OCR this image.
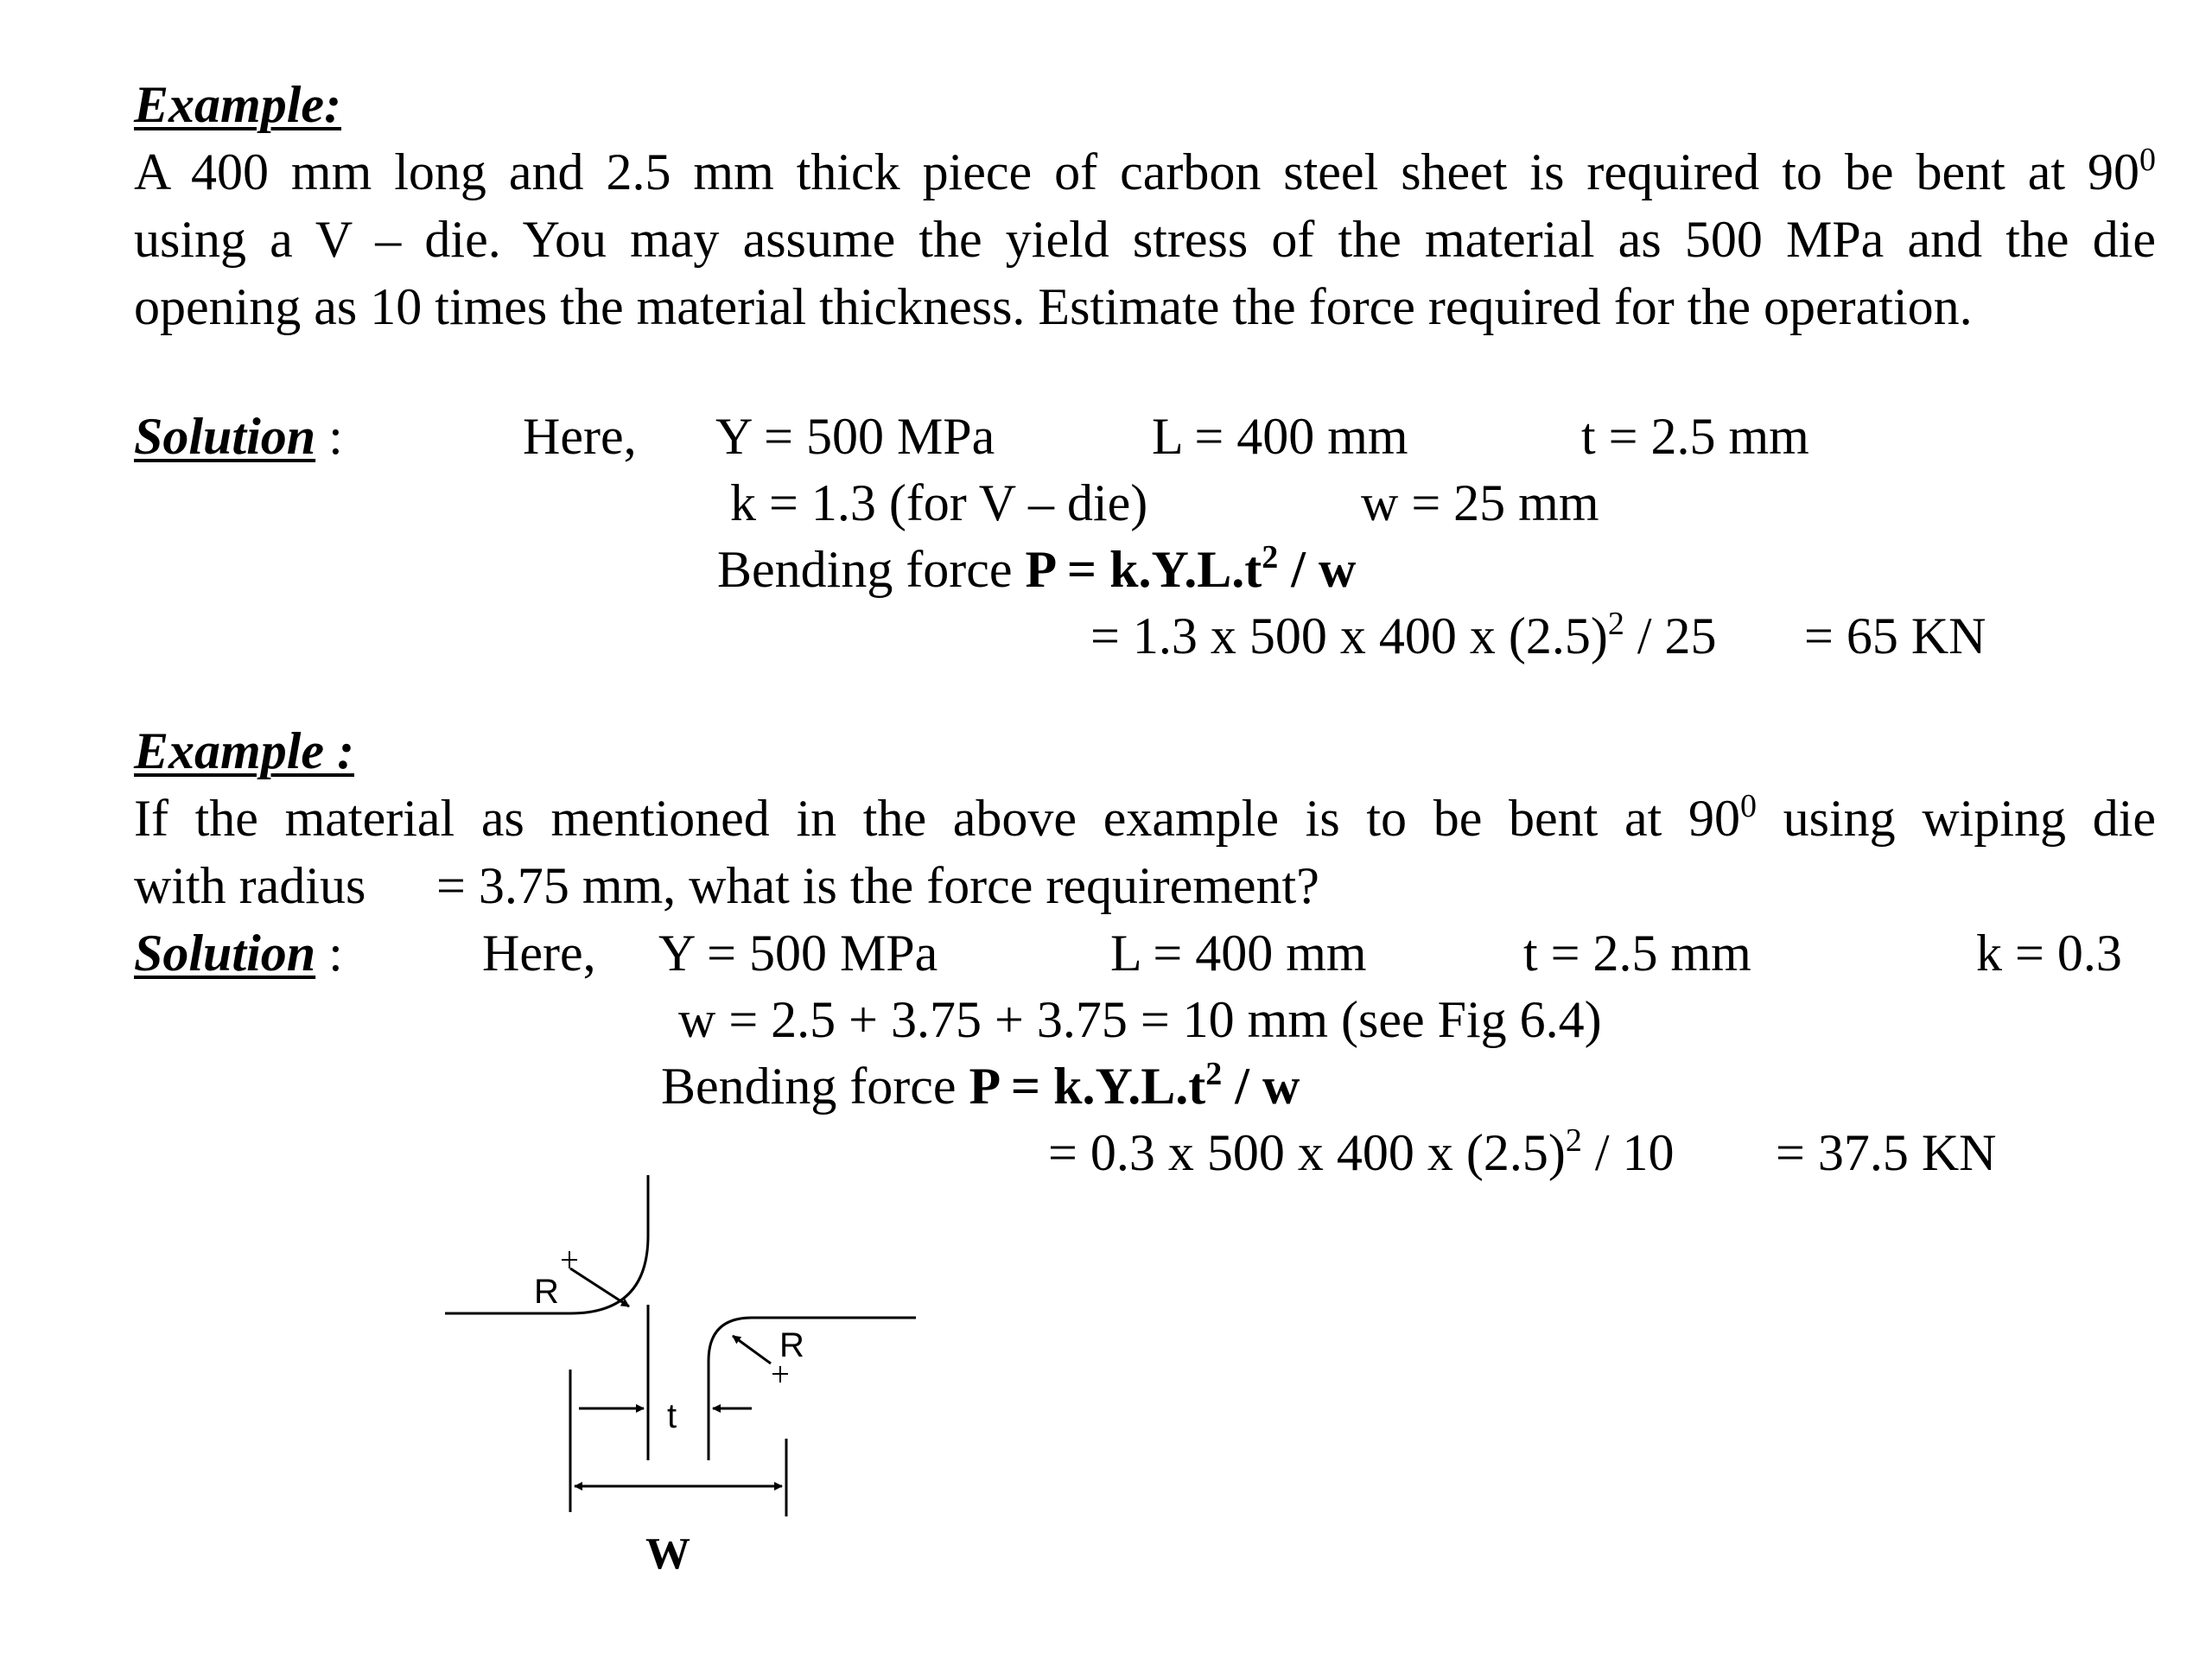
Example:
A 400 mm long and 2.5 mm thick piece of carbon steel sheet is required to be bent at $90^0$
using a V – die. You may assume the yield stress of the material as 500 MPa and the die
opening as 10 times the material thickness. Estimate the force required for the operation.
Solution :	Here, Y = 500 MPa	L = 400 mm	t = 2.5 mm
k = 1.3 (for V – die)	w = 25 mm
Bending force $P = k.Y.L.t^2 / w$
= 1.3 x 500 x 400 x $(2.5)^2 / 25 = 65$ KN
Example :
If the material as mentioned in the above example is to be bent at $90^0$ using wiping die
with radius = 3.75 mm, what is the force requirement?
Solution :	Here, Y = 500 MPa	L = 400 mm	t = 2.5 mm	k = 0.3
w = 2.5 + 3.75 + 3.75 = 10 mm (see Fig 6.4)
Bending force $P = k.Y.L.t^2 / w$
= 0.3 x 500 x 400 x $(2.5)^2 / 10 = 37.5$ KN
R
R
t
W
